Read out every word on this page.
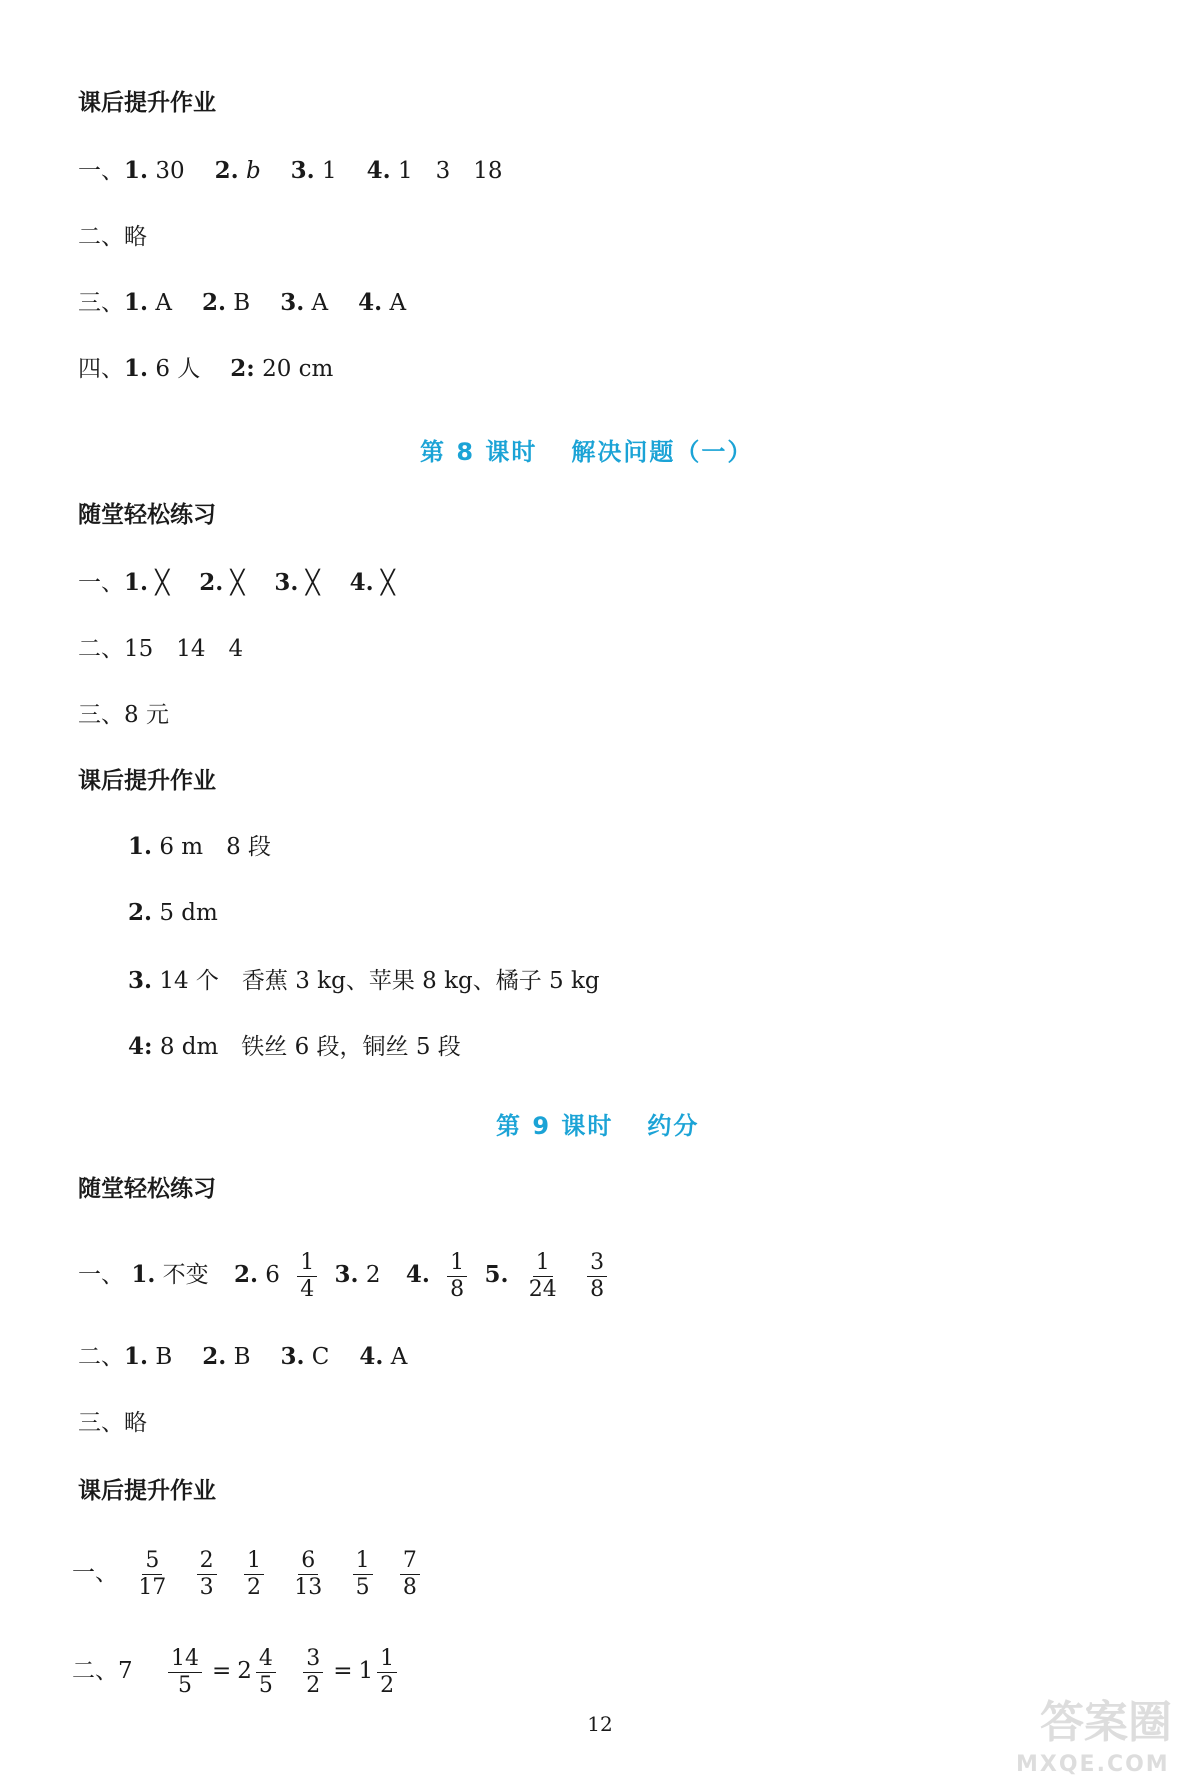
课后提升作业
一、1. 30 2. b 3. 1 4. 1　3　18
二、略
三、1. A 2. B 3. A 4. A
四、1. 6 人 2: 20 cm
第 8 课时 解决问题（一）
随堂轻松练习
一、1. ╳ 2. ╳ 3. ╳ 4. ╳
二、15　14　4
三、8 元
课后提升作业
1. 6 m　8 段
2. 5 dm
3. 14 个　香蕉 3 kg、苹果 8 kg、橘子 5 kg
4: 8 dm　铁丝 6 段，铜丝 5 段
第 9 课时 约分
随堂轻松练习
一、 1. 不变 2. $6 \frac{1}{4} 3$. 2 4. $\frac{1}{8} 5$. $\frac{1}{24}$
$\frac{3}{8}$
二、1. B 2. B 3. C 4. A
三、略
课后提升作业
一、 $\frac{5}{17}$
$\frac{2}{3}$
$\frac{1}{2}$
$\frac{6}{13}$
$\frac{1}{5}$
$\frac{7}{8}$
二、$7 \frac{14}{5} = 2 \frac{4}{5}$
$\frac{3}{2} = 1 \frac{1}{2}$
12	答案圈
MXQE.COM
